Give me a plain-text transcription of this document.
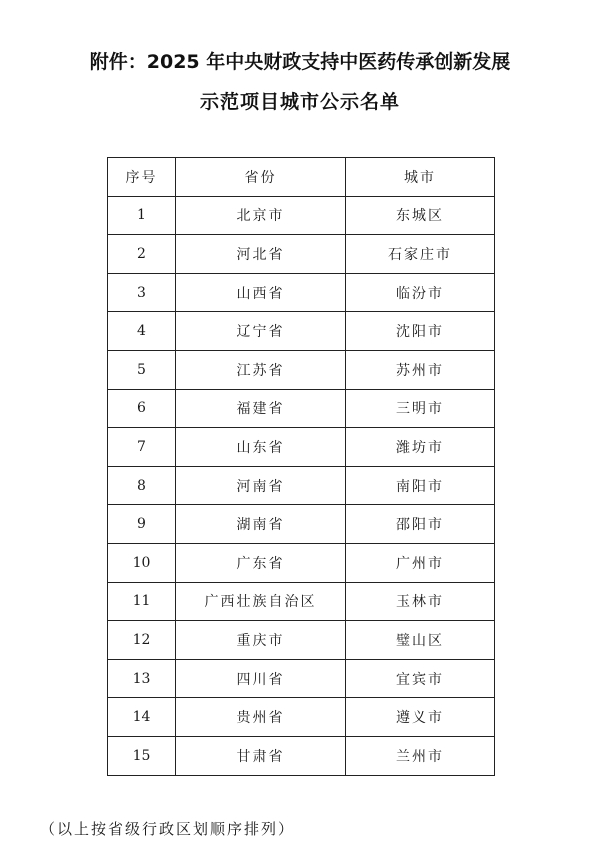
附件：2025 年中央财政支持中医药传承创新发展
示范项目城市公示名单
序号	省份	城市
1	北京市	东城区
2	河北省	石家庄市
3	山西省	临汾市
4	辽宁省	沈阳市
5	江苏省	苏州市
6	福建省	三明市
7	山东省	潍坊市
8	河南省	南阳市
9	湖南省	邵阳市
10	广东省	广州市
11	广西壮族自治区	玉林市
12	重庆市	璧山区
13	四川省	宜宾市
14	贵州省	遵义市
15	甘肃省	兰州市

（以上按省级行政区划顺序排列）
